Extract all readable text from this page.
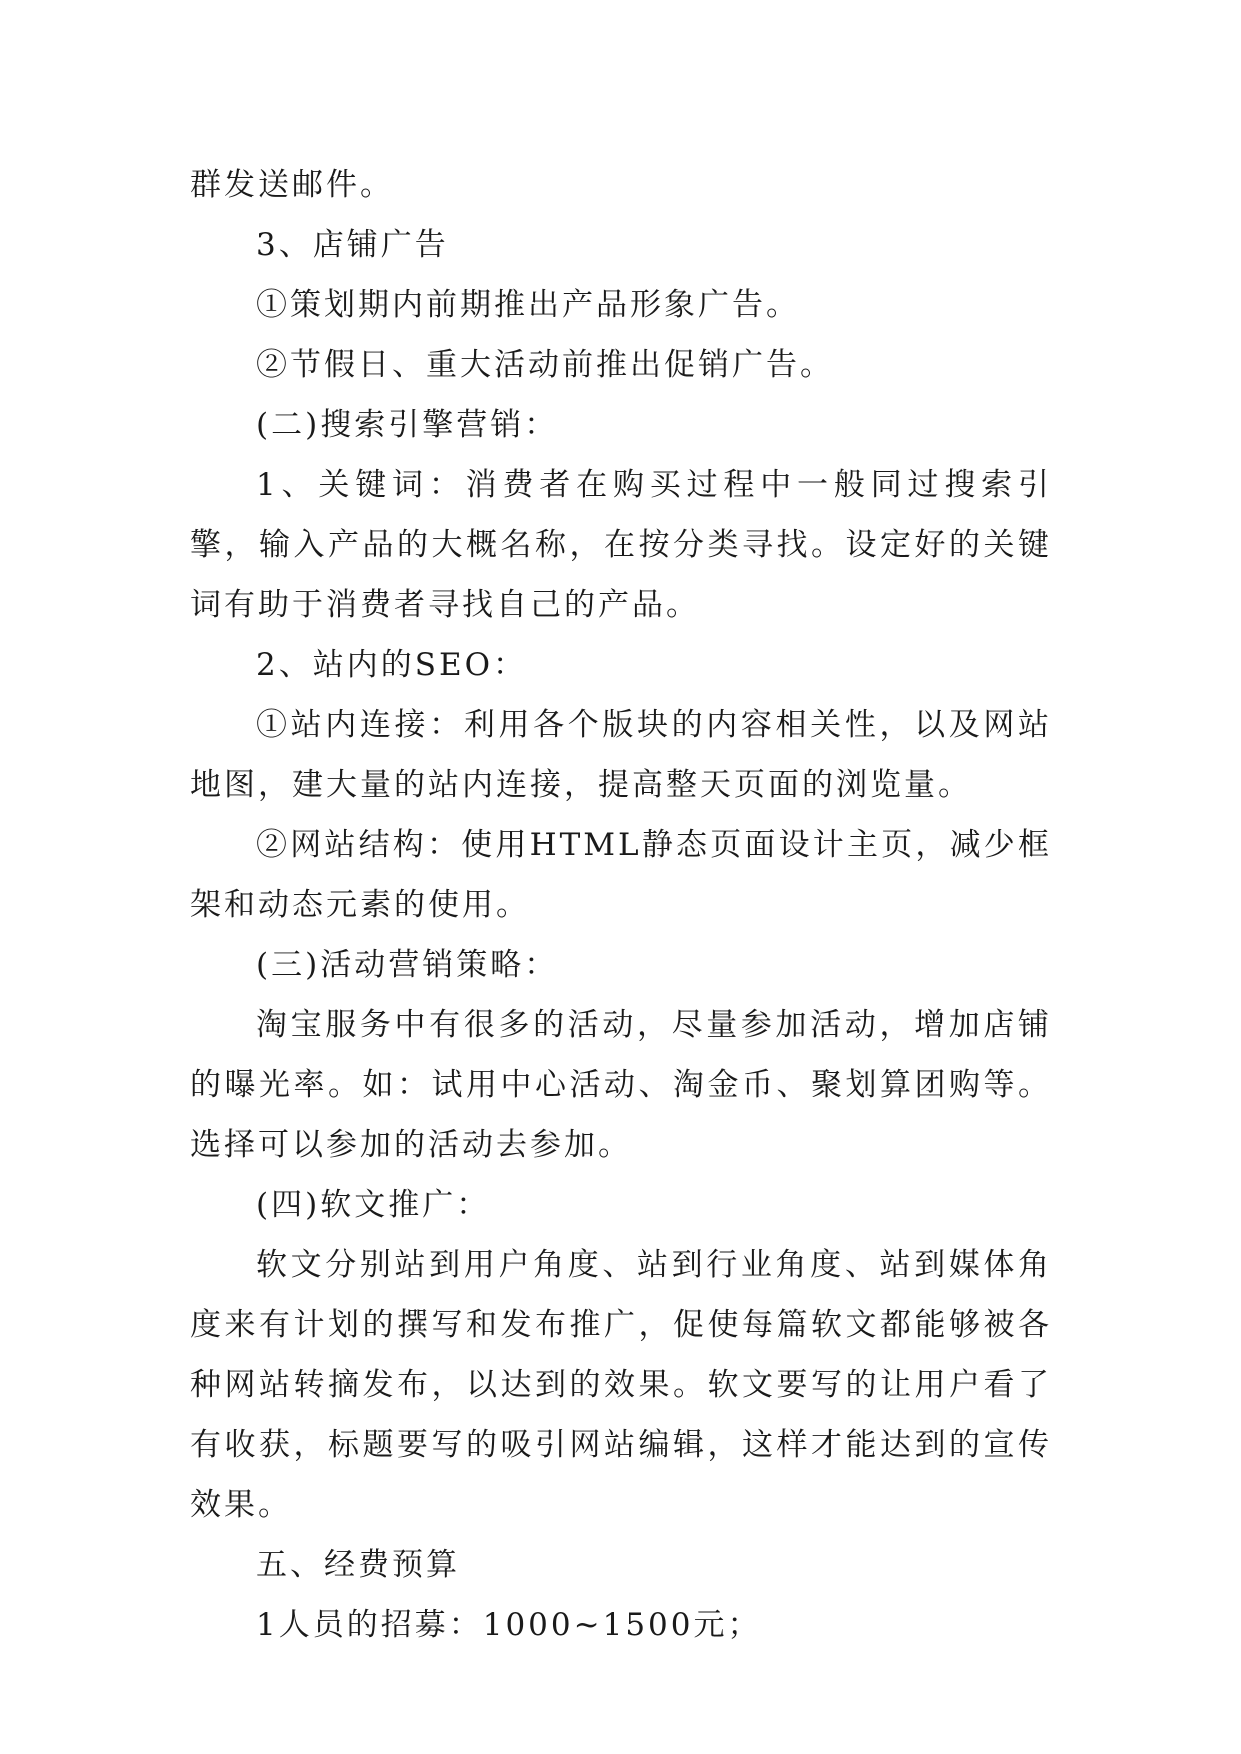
群发送邮件。

3、店铺广告

①策划期内前期推出产品形象广告。

②节假日、重大活动前推出促销广告。

(二)搜索引擎营销：

1、关键词：消费者在购买过程中一般同过搜索引擎，输入产品的大概名称，在按分类寻找。设定好的关键词有助于消费者寻找自己的产品。

2、站内的SEO：

①站内连接：利用各个版块的内容相关性，以及网站地图，建大量的站内连接，提高整天页面的浏览量。

②网站结构：使用HTML静态页面设计主页，减少框架和动态元素的使用。

(三)活动营销策略：

淘宝服务中有很多的活动，尽量参加活动，增加店铺的曝光率。如：试用中心活动、淘金币、聚划算团购等。选择可以参加的活动去参加。

(四)软文推广：

软文分别站到用户角度、站到行业角度、站到媒体角度来有计划的撰写和发布推广，促使每篇软文都能够被各种网站转摘发布，以达到的效果。软文要写的让用户看了有收获，标题要写的吸引网站编辑，这样才能达到的宣传效果。

五、经费预算

1人员的招募：1000~1500元；
